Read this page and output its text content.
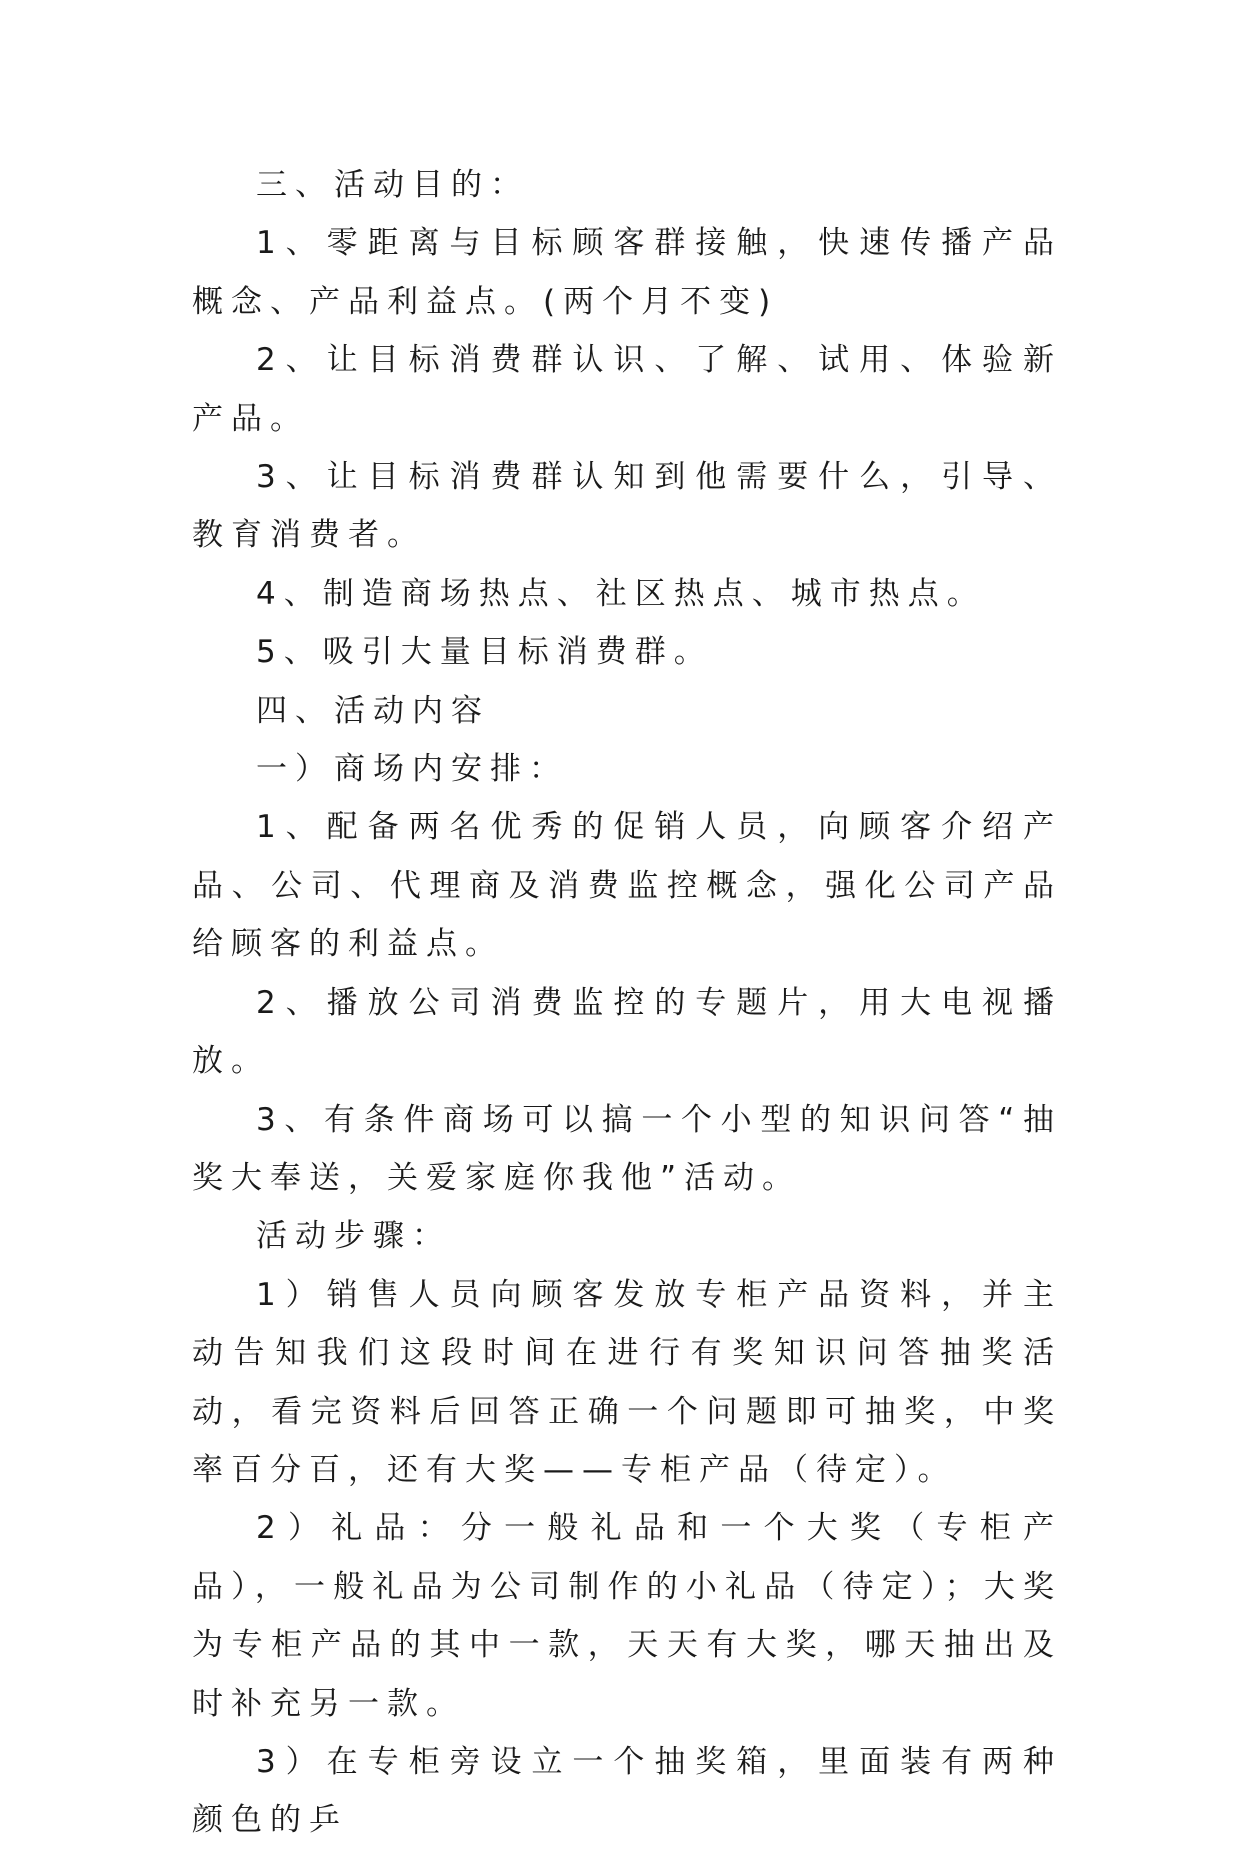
三、活动目的：

1、零距离与目标顾客群接触，快速传播产品概念、产品利益点。(两个月不变)

2、让目标消费群认识、了解、试用、体验新产品。

3、让目标消费群认知到他需要什么，引导、教育消费者。

4、制造商场热点、社区热点、城市热点。

5、吸引大量目标消费群。

四、活动内容

一）商场内安排：

1、配备两名优秀的促销人员，向顾客介绍产品、公司、代理商及消费监控概念，强化公司产品给顾客的利益点。

2、播放公司消费监控的专题片，用大电视播放。

3、有条件商场可以搞一个小型的知识问答“抽奖大奉送，关爱家庭你我他”活动。

活动步骤：

1）销售人员向顾客发放专柜产品资料，并主动告知我们这段时间在进行有奖知识问答抽奖活动，看完资料后回答正确一个问题即可抽奖，中奖率百分百，还有大奖——专柜产品（待定）。

2）礼品：分一般礼品和一个大奖（专柜产品），一般礼品为公司制作的小礼品（待定）；大奖为专柜产品的其中一款，天天有大奖，哪天抽出及时补充另一款。

3）在专柜旁设立一个抽奖箱，里面装有两种颜色的乒
